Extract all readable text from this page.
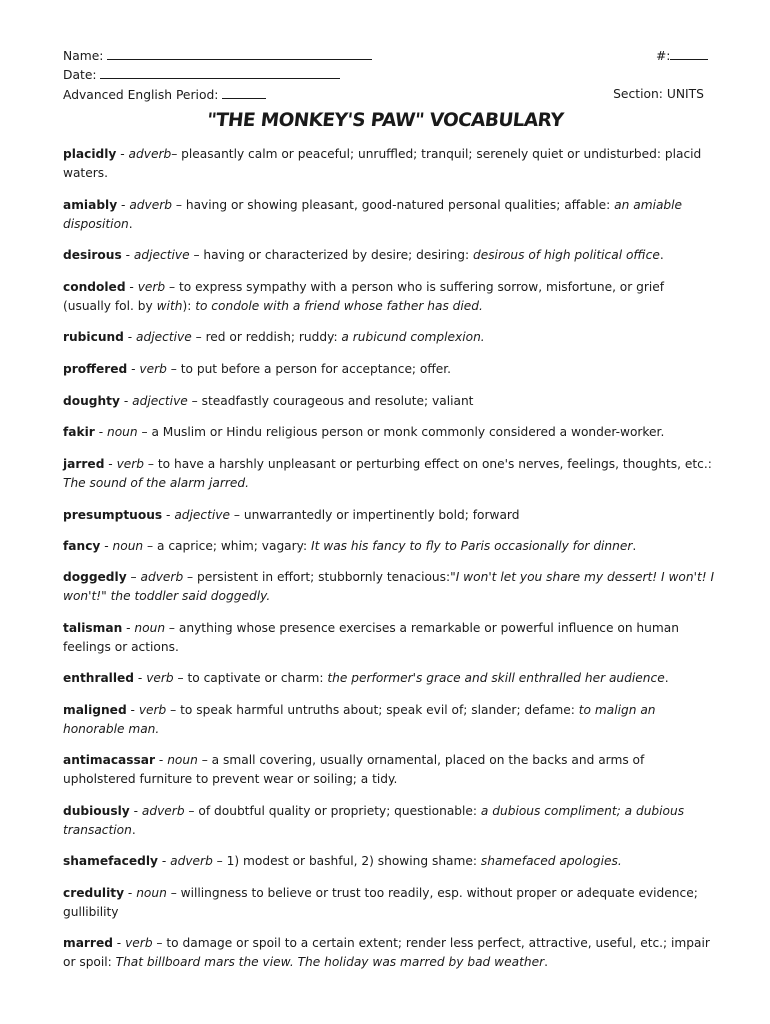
Name:	#:
Date:
Advanced English Period:	Section: UNITS
"THE MONKEY'S PAW" VOCABULARY
placidly - adverb– pleasantly calm or peaceful; unruffled; tranquil; serenely quiet or undisturbed: placid waters.
amiably - adverb – having or showing pleasant, good-natured personal qualities; affable: an amiable disposition.
desirous - adjective – having or characterized by desire; desiring: desirous of high political office.
condoled - verb – to express sympathy with a person who is suffering sorrow, misfortune, or grief (usually fol. by with): to condole with a friend whose father has died.
rubicund - adjective – red or reddish; ruddy: a rubicund complexion.
proffered - verb – to put before a person for acceptance; offer.
doughty - adjective – steadfastly courageous and resolute; valiant
fakir - noun – a Muslim or Hindu religious person or monk commonly considered a wonder-worker.
jarred - verb – to have a harshly unpleasant or perturbing effect on one's nerves, feelings, thoughts, etc.: The sound of the alarm jarred.
presumptuous - adjective – unwarrantedly or impertinently bold; forward
fancy - noun – a caprice; whim; vagary: It was his fancy to fly to Paris occasionally for dinner.
doggedly – adverb – persistent in effort; stubbornly tenacious:"I won't let you share my dessert! I won't! I won't!" the toddler said doggedly.
talisman - noun – anything whose presence exercises a remarkable or powerful influence on human feelings or actions.
enthralled - verb – to captivate or charm: the performer's grace and skill enthralled her audience.
maligned - verb – to speak harmful untruths about; speak evil of; slander; defame: to malign an honorable man.
antimacassar - noun – a small covering, usually ornamental, placed on the backs and arms of upholstered furniture to prevent wear or soiling; a tidy.
dubiously - adverb – of doubtful quality or propriety; questionable: a dubious compliment; a dubious transaction.
shamefacedly - adverb – 1) modest or bashful, 2) showing shame: shamefaced apologies.
credulity - noun – willingness to believe or trust too readily, esp. without proper or adequate evidence; gullibility
marred - verb – to damage or spoil to a certain extent; render less perfect, attractive, useful, etc.; impair or spoil: That billboard mars the view. The holiday was marred by bad weather.
